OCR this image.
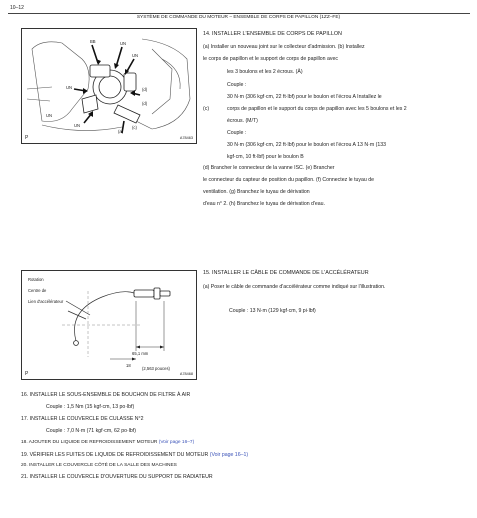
10–12
SYSTÈME DE COMMANDE DU MOTEUR – ENSEMBLE DE CORPS DE PAPILLON (1ZZ–FE)
BB	UN
UN
UN
UN
(d)
(d)
UN
(a)
(c)
P	A78463
14. INSTALLER L'ENSEMBLE DE CORPS DE PAPILLON
(a) Installer un nouveau joint sur le collecteur d'admission. (b) Installez
le corps de papillon et le support de corps de papillon avec
les 3 boulons et les 2 écrous. (Â)
Couple :
30 N·m (306 kgf·cm, 22 ft·lbf) pour le boulon et l'écrou A Installez le
(c)	corps de papillon et le support du corps de papillon avec les 5 boulons et les 2
écrous. (M/T)
Couple :
30 N·m (306 kgf·cm, 22 ft·lbf) pour le boulon et l'écrou A 13 N·m (133
kgf·cm, 10 ft·lbf) pour le boulon B
(d) Brancher le connecteur de la vanne ISC. (e) Brancher
le connecteur du capteur de position du papillon. (f) Connectez le tuyau de
ventilation. (g) Branchez le tuyau de dérivation
d'eau n° 2. (h) Branchez le tuyau de dérivation d'eau.
Rotation
Centre de
Lien d'accélérateur
65,1 mm
18
(2,563 pouces)
P	A78468
15. INSTALLER LE CÂBLE DE COMMANDE DE L'ACCÉLÉRATEUR
(a) Poser le câble de commande d'accélérateur comme indiqué sur l'illustration.
Couple : 13 N·m (129 kgf·cm, 9 pi·lbf)
16. INSTALLER LE SOUS-ENSEMBLE DE BOUCHON DE FILTRE À AIR
Couple : 1,5 Nm (15 kgf·cm, 13 po·lbf)
17. INSTALLER LE COUVERCLE DE CULASSE N°2
Couple : 7,0 N·m (71 kgf·cm, 62 po·lbf)
18. AJOUTER DU LIQUIDE DE REFROIDISSEMENT MOTEUR (Voir page 16–7)
19. VÉRIFIER LES FUITES DE LIQUIDE DE REFROIDISSEMENT DU MOTEUR (Voir page 16–1)
20. INSTALLER LE COUVERCLE CÔTÉ DE LA SALLE DES MACHINES
21. INSTALLER LE COUVERCLE D'OUVERTURE DU SUPPORT DE RADIATEUR
